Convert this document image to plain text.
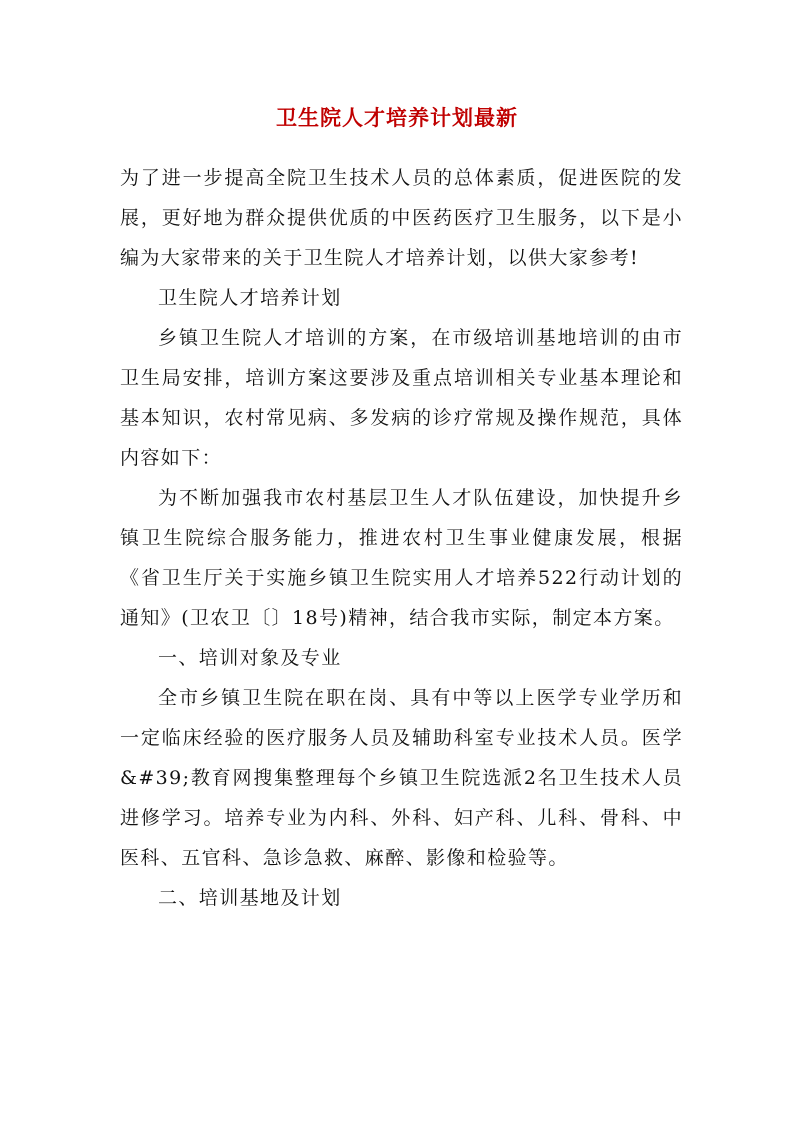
卫生院人才培养计划最新

为了进一步提高全院卫生技术人员的总体素质，促进医院的发展，更好地为群众提供优质的中医药医疗卫生服务，以下是小编为大家带来的关于卫生院人才培养计划，以供大家参考!

卫生院人才培养计划

乡镇卫生院人才培训的方案，在市级培训基地培训的由市卫生局安排，培训方案这要涉及重点培训相关专业基本理论和基本知识，农村常见病、多发病的诊疗常规及操作规范，具体内容如下：

为不断加强我市农村基层卫生人才队伍建设，加快提升乡镇卫生院综合服务能力，推进农村卫生事业健康发展，根据《省卫生厅关于实施乡镇卫生院实用人才培养522行动计划的通知》(卫农卫〔〕18号)精神，结合我市实际，制定本方案。

一、培训对象及专业

全市乡镇卫生院在职在岗、具有中等以上医学专业学历和一定临床经验的医疗服务人员及辅助科室专业技术人员。医学&#39;教育网搜集整理每个乡镇卫生院选派2名卫生技术人员进修学习。培养专业为内科、外科、妇产科、儿科、骨科、中医科、五官科、急诊急救、麻醉、影像和检验等。

二、培训基地及计划
